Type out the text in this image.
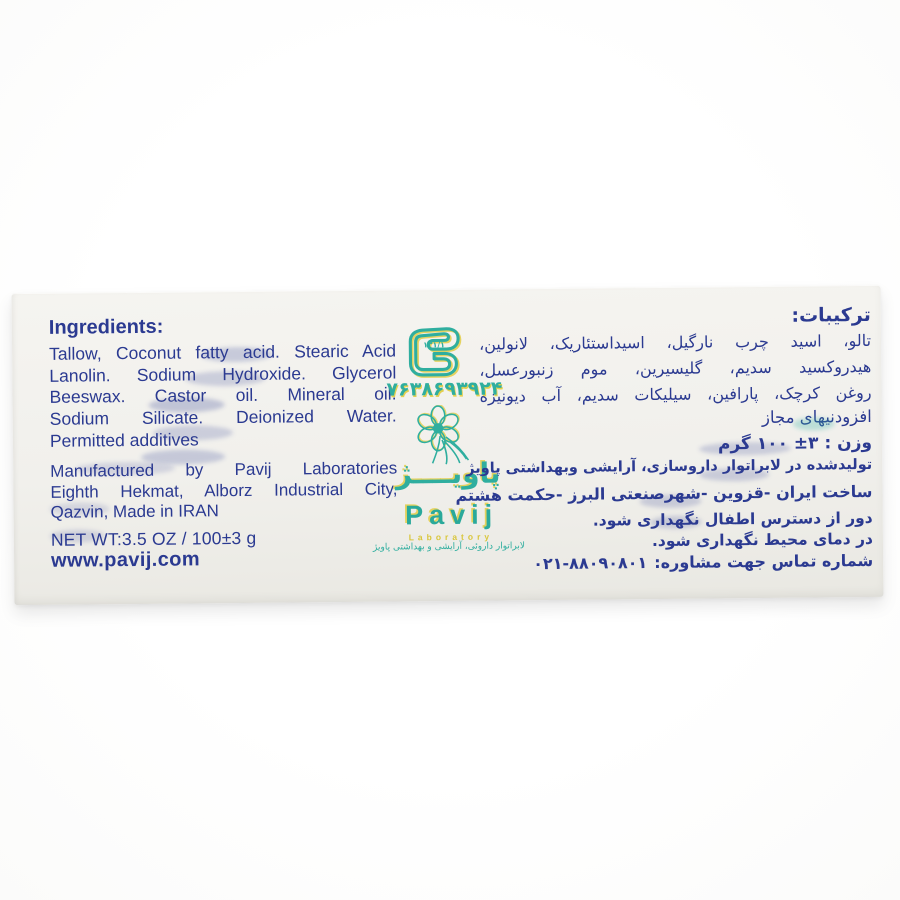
Ingredients:
Tallow, Coconut fatty acid. Stearic Acid
Lanolin. Sodium Hydroxide. Glycerol
Beeswax. Castor oil. Mineral oil.
Sodium Silicate. Deionized Water.
Permitted additives
Manufactured by Pavij Laboratories
Eighth Hekmat, Alborz Industrial City,
Qazvin, Made in IRAN
NET WT:3.5 OZ / 100±3 g
www.pavij.com
۱۲۱/۱
۷۶۳۸۶۹۳۹۲۴
پاویــــژ
Pavij
Laboratory
لابراتوار داروئی، آرایشی و بهداشتی پاویژ
ترکیبات:
تالو، اسید چرب نارگیل، اسیداستئاریک، لانولین،
هیدروکسید سدیم، گلیسیرین، موم زنبورعسل،
روغن کرچک، پارافین، سیلیکات سدیم، آب دیونیزه
افزودنیهای مجاز
وزن : ۳± ۱۰۰ گرم
تولیدشده در لابراتوار داروسازی، آرایشی وبهداشتی پاویژ
ساخت ایران -قزوین -شهرصنعتی البرز -حکمت هشتم
دور از دسترس اطفال نگهداری شود.
در دمای محیط نگهداری شود.
شماره تماس جهت مشاوره:۰۲۱-۸۸۰۹۰۸۰۱
